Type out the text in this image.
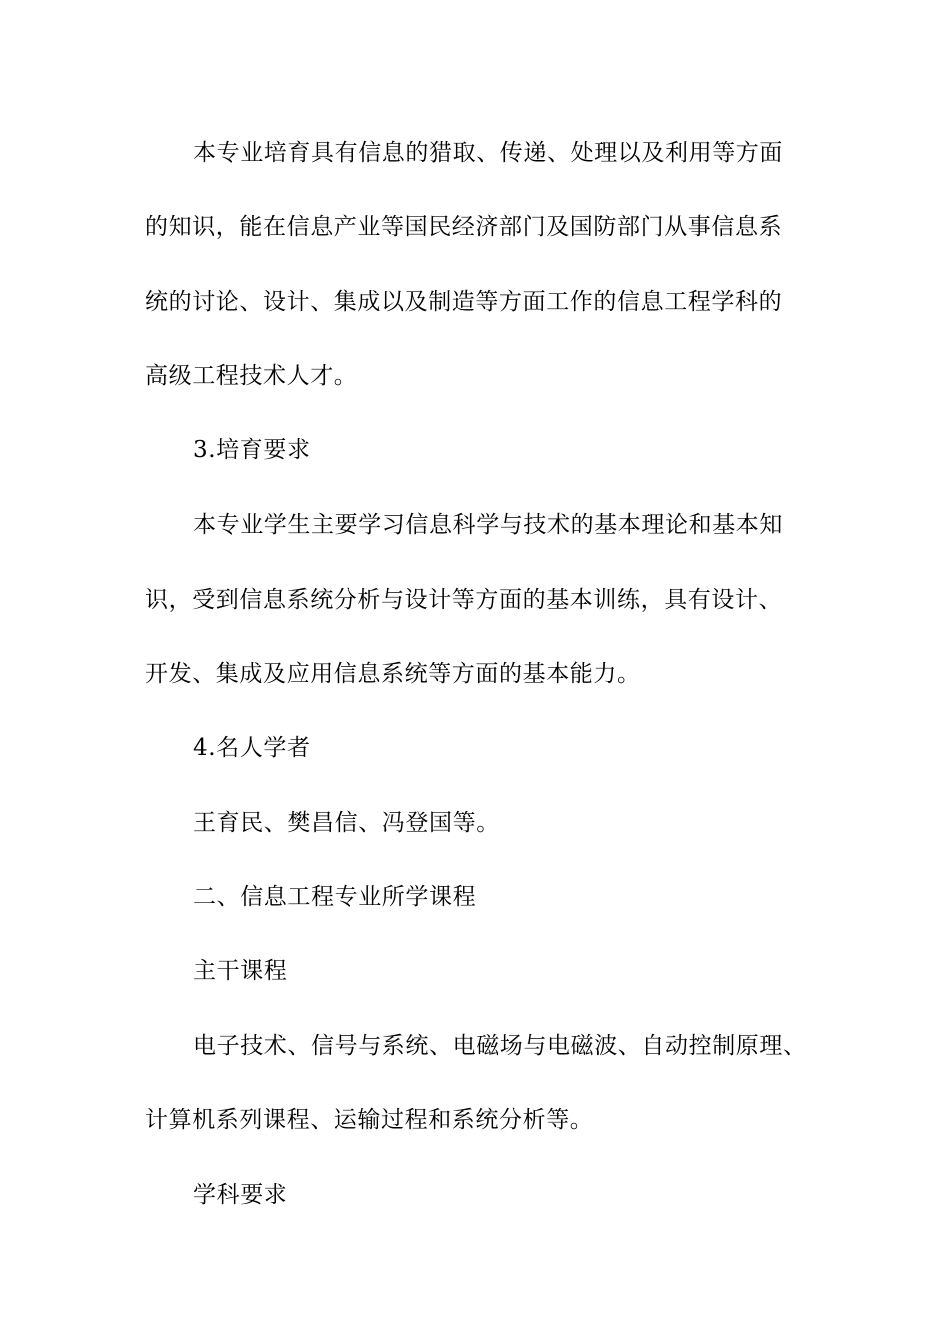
本专业培育具有信息的猎取、传递、处理以及利用等方面
的知识，能在信息产业等国民经济部门及国防部门从事信息系
统的讨论、设计、集成以及制造等方面工作的信息工程学科的
高级工程技术人才。
3.培育要求
本专业学生主要学习信息科学与技术的基本理论和基本知
识，受到信息系统分析与设计等方面的基本训练，具有设计、
开发、集成及应用信息系统等方面的基本能力。
4.名人学者
王育民、樊昌信、冯登国等。
二、信息工程专业所学课程
主干课程
电子技术、信号与系统、电磁场与电磁波、自动控制原理、
计算机系列课程、运输过程和系统分析等。
学科要求
